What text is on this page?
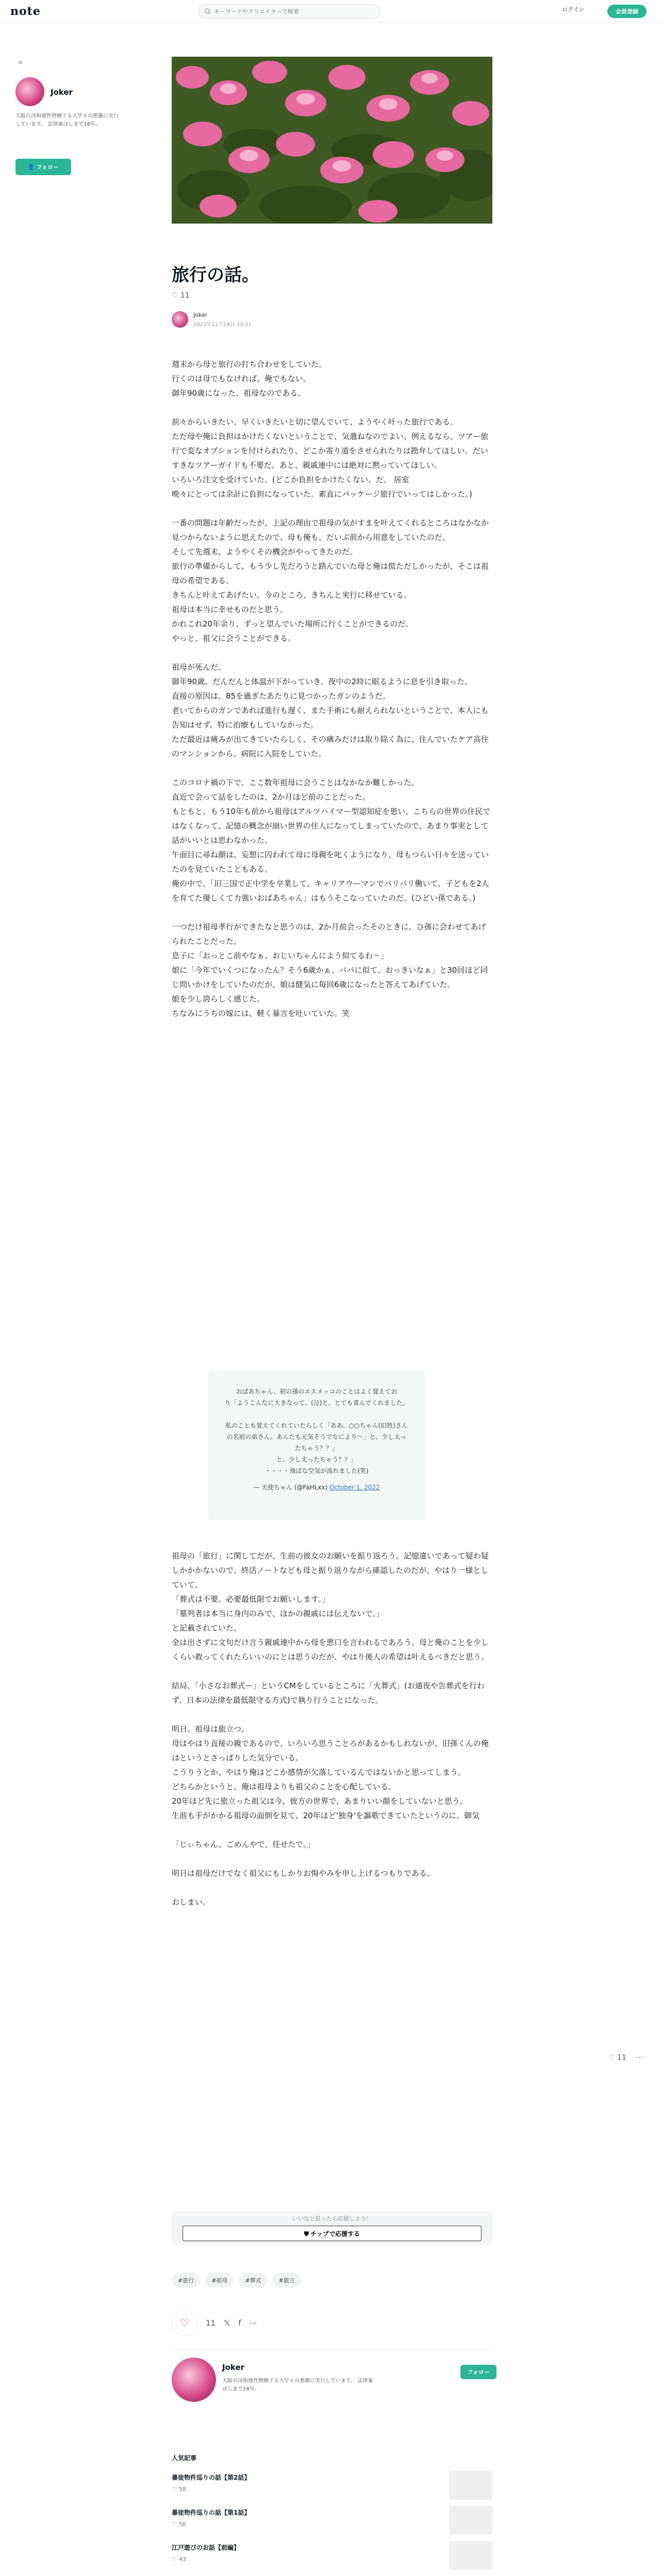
note
キーワードやクリエイターで検索	ログイン	会員登録
≡
Joker
大阪の冴和感性物種子る大学々の悪趣に実行しています。 法律案はしまで18年。
👤 フォロー
旅行の話。
♡ 11
Joker
2022年11月29日 10:31

週末から母と旅行の打ち合わせをしていた。
行くのは母でもなければ、俺でもない。
御年90歳になった、祖母なのである。

前々からいきたい、早くいきたいと切に望んでいて、ようやく叶った旅行である。
ただ母や俺に負担はかけたくないということで、気遣ねなのでよい、例えるなら、ツアー旅行で変なオプションを付けられたり、どこか寄り道をさせられたりは勘弁してほしい。だいすきなツアーガイドも不要だ。あと、親戚連中には絶対に黙っていてほしい。
いろいろ注文を受けていた。(どこか負担をかけたくない、だ。 居室
晩々にとっては余計に負担になっていた。素直にパッケージ旅行でいってはしかった。)

一番の問題は年齢だったが、上記の理由で祖母の気がすまを叶えてくれるところはなかなか見つからないように思えたので、母も俺も、だいぶ前から用意をしていたのだ。
そして先週末、ようやくその機会がやってきたのだ。
旅行の準備からして、もう少し先だろうと踏んでいた母と俺は慌ただしかったが、そこは祖母の希望である。
きちんと叶えてあげたい。今のところ、きちんと実行に移せている。
祖母は本当に幸せものだと思う。
かれこれ20年余り、ずっと望んでいた場所に行くことができるのだ。
やっと、祖父に会うことができる。

祖母が死んだ。
御年90歳。だんだんと体温が下がっていき、夜中の2時に眠るように息を引き取った。
直接の原因は、85を過ぎたあたりに見つかったガンのようだ。
老いてからのガンであれば進行も遅く、また手術にも耐えられないということで、本人にも告知はせず、特に治療もしていなかった。
ただ最近は痛みが出てきていたらしく、その痛みだけは取り除く為に、住んでいたケア高住のマンションから、病院に入院をしていた。

このコロナ禍の下で、ここ数年祖母に会うことはなかなか難しかった。
直近で会って話をしたのは、2か月ほど前のことだった。
もともと、もう10年も前から祖母はアルツハイマー型認知症を患い、こちらの世界の住民ではなくなって、記憶の概念が崩い世界の住人になってしまっていたので、あまり事実として話がいいとは思わなかった。
午面目に尋ね顔は、妄想に囚われて母に母親を叱くようになり、母もつらい日々を送っていたのを見ていたこともある。
俺の中で、「旧三国で正中学を卒業して、キャリアウーマンでバリバリ働いて、子どもを2人を育てた優しくて力強いおばあちゃん」はもうそこなっていたのだ。(ひどい孫である。)

一つだけ祖母孝行ができたなと思うのは、2か月前会ったそのときに、ひ孫に会わせてあげられたことだった。
息子に「おっとこ前やなぁ、おじいちゃんによう似てるわ～」
娘に「今年でいくつになったん？そう6歳かぁ、バパに似て、おっきいなぁ」と30回ほど同じ問いかけをしていたのだが、娘は健気に毎回6歳になったと答えてあげていた。
娘を少し誇らしく感じた。
ちなみにうちの嫁には、軽く暴言を吐いていた。笑

おばあちゃん、初の孫のエスメッコのことはよく覚えてお
り「ようこんなに大きなって。(泣)と、とても喜んでくれました。

私のことも覚えてくれていたらしく「ああ、○○ちゃん(旧姓)さんの名前の弟さん。あんたも元気そうでなにより～」と、少し太ったちゃう？？」
と、少し太ったちゃう？？」
・・・・飛ばな空気が流れました(笑)
— 天使ちゃん (@FaHLxx) October 1, 2022

祖母の「旅行」に関してだが、生前の彼女のお願いを振り返ろう。記憶違いであって疑わ疑しかかかないので、終活ノートなども母と振り返りながら確認したのだが、やはり一様としていて、
「葬式は不要。必要最低限でお願いします。」
「墓列者は本当に身内のみで、ほかの親戚には伝えないで。」
と記載されていた。
金は出さずに文句だけ言う親戚連中から母を悪口を言われるであろう。母と俺のことを少しくらい救ってくれたらいいのにとは思うのだが、やはり後人の希望は叶えるべきだと思う。

結局、「小さなお葬式ー」というCMをしているところに「火葬式」(お通夜や告葬式を行わず、日本の法律を最低限守る方式)で執り行うことになった。

明日、祖母は旅立つ。
母はやはり直接の親であるので、いろいろ思うことろがあるかもしれないが、旧孫くんの俺はというとさっぱりした気分でいる。
こうりうとか、やはり俺はどこか感情が欠落しているんではないかと思ってしまう。
どちらかというと、俺は祖母よりも祖父のことを心配している。
20年ほど先に旅立った祖父は今、彼方の世界で、あまりいい顔をしていないと思う。
生前も手がかかる祖母の面倒を見て、20年ほど'独身'を謳歌できていたというのに。御気

「じぃちゃん、ごめんやで、任せたで。」

明日は祖母だけでなく祖父にもしかりお悔やみを申し上げるつもりである。

おしまい。

♡ 11 ⋯
いいなと思ったら応援しよう！
⛊ チップで応援する
#旅行	#祖母	#葬式	#旅立
♡ 11 𝕏 f ⋯
Joker
大阪の冴和感性物種子る大学々の悪趣に実行しています。 法律案はしまで18年。
フォロー
人気記事
暴徒物件巡りの話【第2話】
♡ 58
暴徒物件巡りの話【第1話】
♡ 56
江戸遊びのお話【前編】
♡ 43
